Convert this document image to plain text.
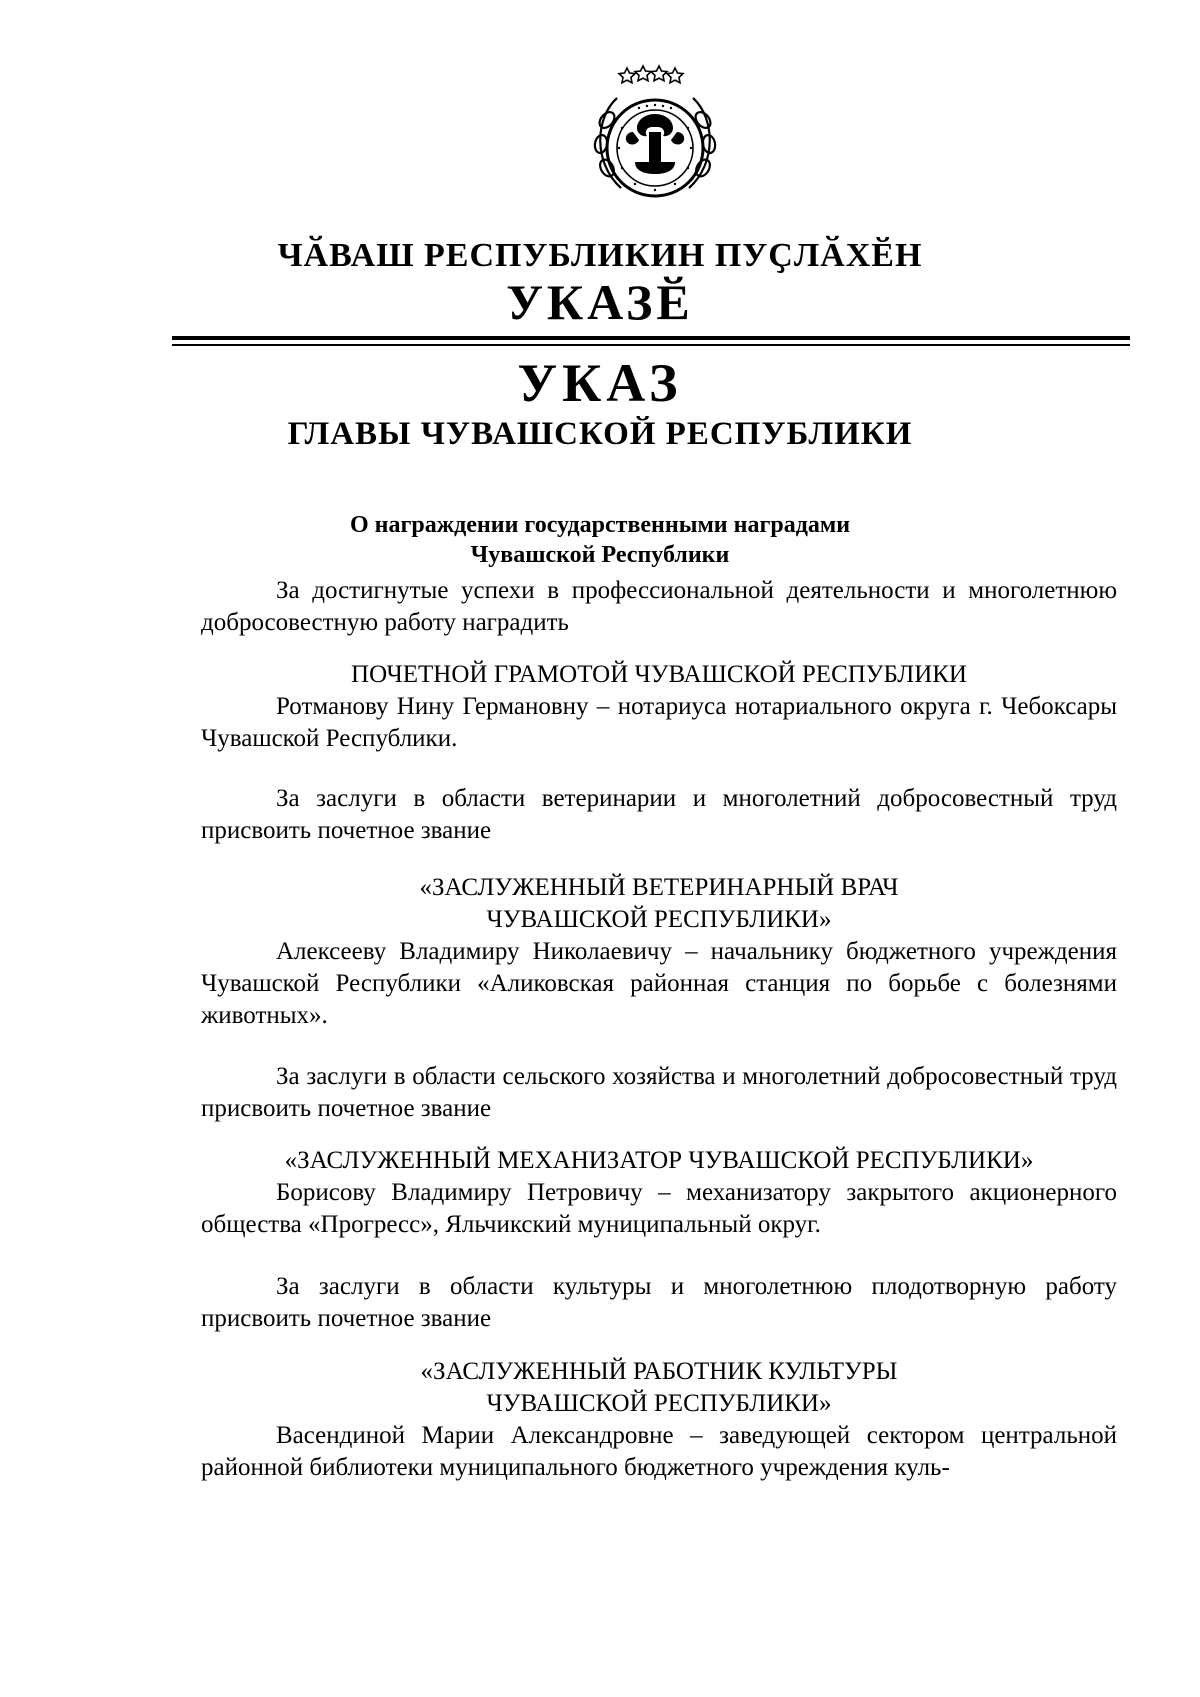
ЧӐВАШ РЕСПУБЛИКИН ПУҪЛӐХӖН
УКАЗӖ
УКАЗ
ГЛАВЫ ЧУВАШСКОЙ РЕСПУБЛИКИ
О награждении государственными наградами
Чувашской Республики

За достигнутые успехи в профессиональной деятельности и многолетнюю добросовестную работу наградить

ПОЧЕТНОЙ ГРАМОТОЙ ЧУВАШСКОЙ РЕСПУБЛИКИ

Ротманову Нину Германовну – нотариуса нотариального округа г. Чебоксары Чувашской Республики.

За заслуги в области ветеринарии и многолетний добросовестный труд присвоить почетное звание

«ЗАСЛУЖЕННЫЙ ВЕТЕРИНАРНЫЙ ВРАЧ

ЧУВАШСКОЙ РЕСПУБЛИКИ»

Алексееву Владимиру Николаевичу – начальнику бюджетного учреждения Чувашской Республики «Аликовская районная станция по борьбе с болезнями животных».

За заслуги в области сельского хозяйства и многолетний добросовестный труд присвоить почетное звание

«ЗАСЛУЖЕННЫЙ МЕХАНИЗАТОР ЧУВАШСКОЙ РЕСПУБЛИКИ»

Борисову Владимиру Петровичу – механизатору закрытого акционерного общества «Прогресс», Яльчикский муниципальный округ.

За заслуги в области культуры и многолетнюю плодотворную работу присвоить почетное звание

«ЗАСЛУЖЕННЫЙ РАБОТНИК КУЛЬТУРЫ

ЧУВАШСКОЙ РЕСПУБЛИКИ»

Васендиной Марии Александровне – заведующей сектором центральной районной библиотеки муниципального бюджетного учреждения куль-
